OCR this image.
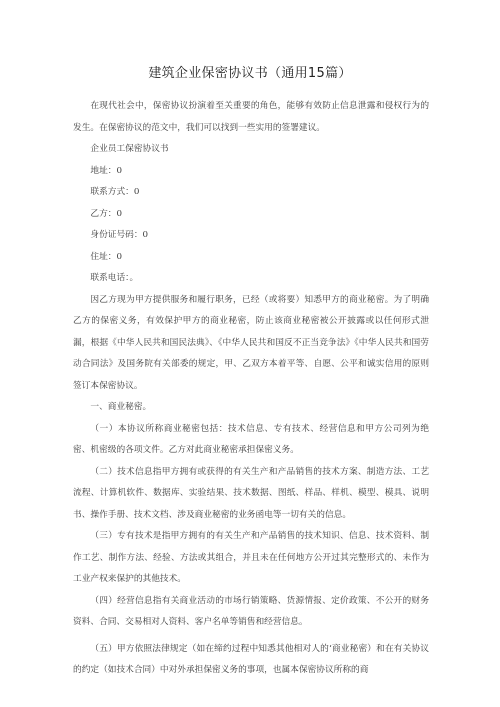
建筑企业保密协议书（通用15篇）

在现代社会中，保密协议扮演着至关重要的角色，能够有效防止信息泄露和侵权行为的发生。在保密协议的范文中，我们可以找到一些实用的签署建议。

企业员工保密协议书

地址：0

联系方式：0

乙方：0

身份证号码：0

住址：0

联系电话：。

因乙方现为甲方提供服务和履行职务，已经（或将要）知悉甲方的商业秘密。为了明确乙方的保密义务，有效保护甲方的商业秘密，防止该商业秘密被公开披露或以任何形式泄漏，根据《中华人民共和国民法典》、《中华人民共和国反不正当竞争法》《中华人民共和国劳动合同法》及国务院有关部委的规定，甲、乙双方本着平等、自愿、公平和诚实信用的原则签订本保密协议。

一、商业秘密。

（一）本协议所称商业秘密包括：技术信息、专有技术、经营信息和甲方公司列为绝密、机密级的各项文件。乙方对此商业秘密承担保密义务。

（二）技术信息指甲方拥有或获得的有关生产和产品销售的技术方案、制造方法、工艺流程、计算机软件、数据库、实验结果、技术数据、图纸、样品、样机、模型、模具、说明书、操作手册、技术文档、涉及商业秘密的业务函电等一切有关的信息。

（三）专有技术是指甲方拥有的有关生产和产品销售的技术知识、信息、技术资料、制作工艺、制作方法、经验、方法或其组合，并且未在任何地方公开过其完整形式的、未作为工业产权来保护的其他技术。

（四）经营信息指有关商业活动的市场行销策略、货源情报、定价政策、不公开的财务资料、合同、交易相对人资料、客户名单等销售和经营信息。

（五）甲方依照法律规定（如在缔约过程中知悉其他相对人的‘商业秘密）和在有关协议的约定（如技术合同）中对外承担保密义务的事项，也属本保密协议所称的商
